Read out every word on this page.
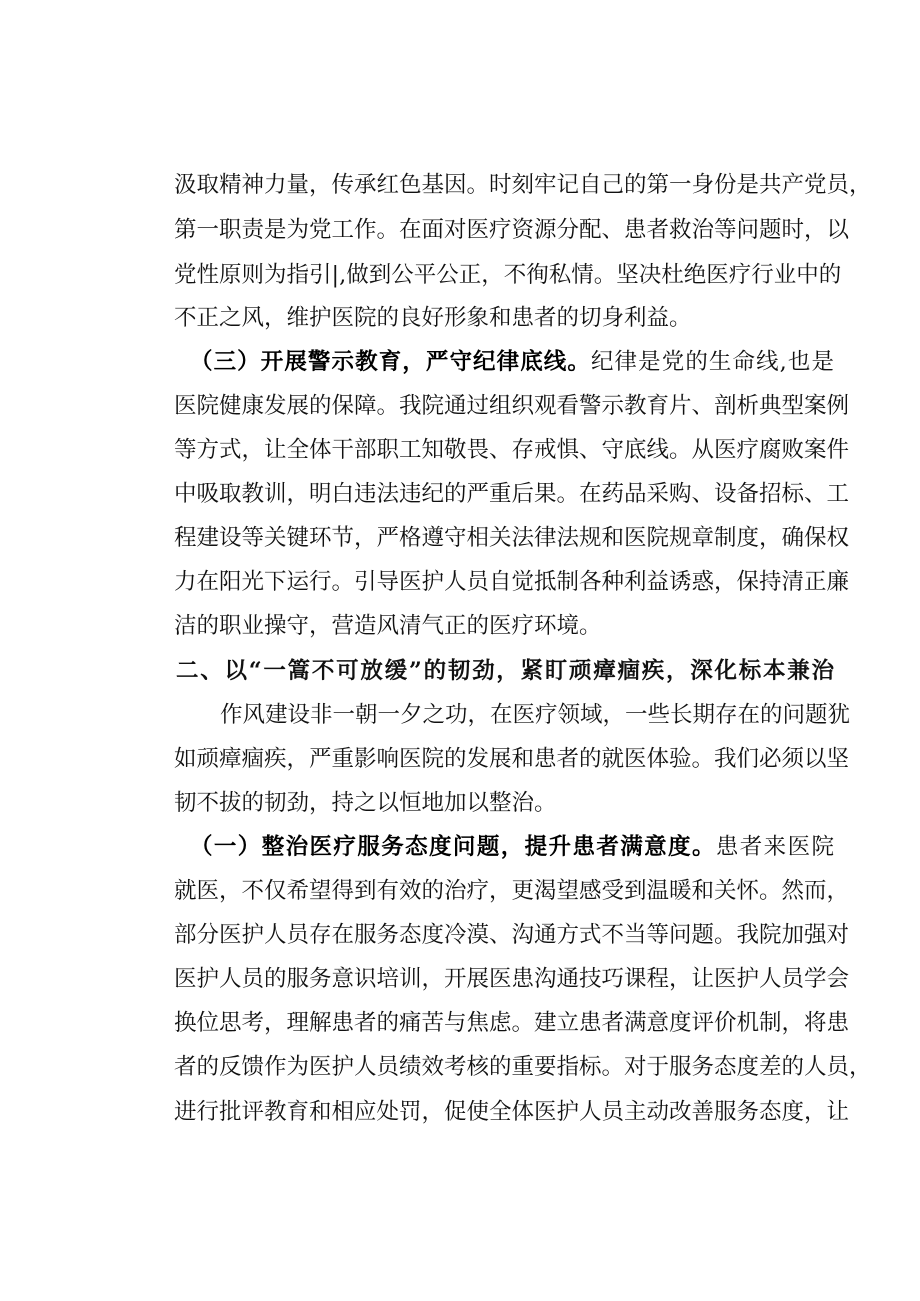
汲取精神力量，传承红色基因。时刻牢记自己的第一身份是共产党员，
第一职责是为党工作。在面对医疗资源分配、患者救治等问题时，以
党性原则为指引|,做到公平公正，不徇私情。坚决杜绝医疗行业中的
不正之风，维护医院的良好形象和患者的切身利益。
（三）开展警示教育，严守纪律底线。纪律是党的生命线,也是
医院健康发展的保障。我院通过组织观看警示教育片、剖析典型案例
等方式，让全体干部职工知敬畏、存戒惧、守底线。从医疗腐败案件
中吸取教训，明白违法违纪的严重后果。在药品采购、设备招标、工
程建设等关键环节，严格遵守相关法律法规和医院规章制度，确保权
力在阳光下运行。引导医护人员自觉抵制各种利益诱惑，保持清正廉
洁的职业操守，营造风清气正的医疗环境。
二、以“一篙不可放缓”的韧劲，紧盯顽瘴痼疾，深化标本兼治
作风建设非一朝一夕之功，在医疗领域，一些长期存在的问题犹
如顽瘴痼疾，严重影响医院的发展和患者的就医体验。我们必须以坚
韧不拔的韧劲，持之以恒地加以整治。
（一）整治医疗服务态度问题，提升患者满意度。患者来医院
就医，不仅希望得到有效的治疗，更渴望感受到温暖和关怀。然而，
部分医护人员存在服务态度冷漠、沟通方式不当等问题。我院加强对
医护人员的服务意识培训，开展医患沟通技巧课程，让医护人员学会
换位思考，理解患者的痛苦与焦虑。建立患者满意度评价机制，将患
者的反馈作为医护人员绩效考核的重要指标。对于服务态度差的人员，
进行批评教育和相应处罚，促使全体医护人员主动改善服务态度，让
